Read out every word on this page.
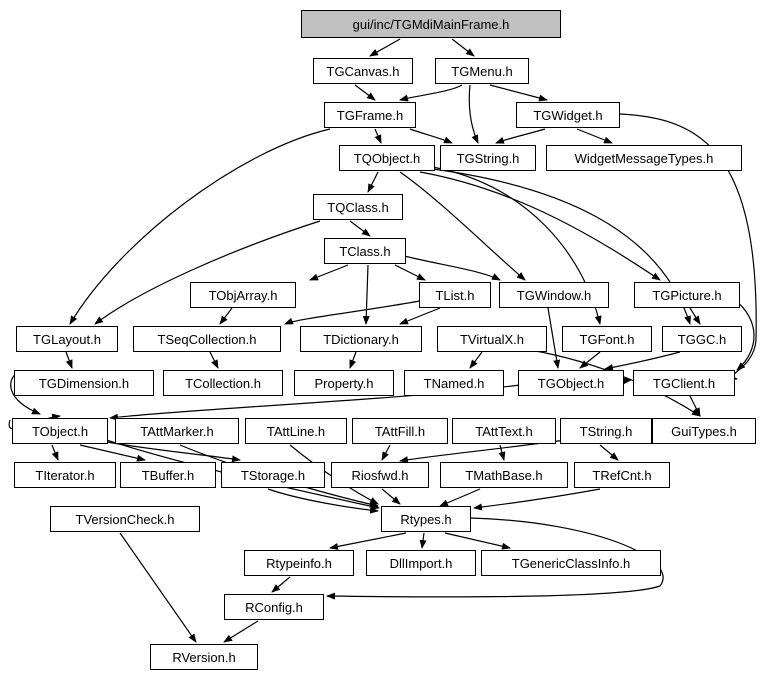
gui/inc/TGMdiMainFrame.h
TGCanvas.h	TGMenu.h
TGFrame.h	TGWidget.h
TQObject.h	TGString.h	WidgetMessageTypes.h
TQClass.h
TClass.h
TObjArray.h	TList.h	TGWindow.h	TGPicture.h
TGLayout.h	TSeqCollection.h	TDictionary.h	TVirtualX.h	TGFont.h	TGGC.h
TGDimension.h	TCollection.h	Property.h	TNamed.h	TGObject.h	TGClient.h
TObject.h	TAttMarker.h	TAttLine.h	TAttFill.h	TAttText.h	TString.h	GuiTypes.h
TIterator.h	TBuffer.h	TStorage.h	Riosfwd.h	TMathBase.h	TRefCnt.h
TVersionCheck.h	Rtypes.h
Rtypeinfo.h	DllImport.h	TGenericClassInfo.h
RConfig.h
RVersion.h
